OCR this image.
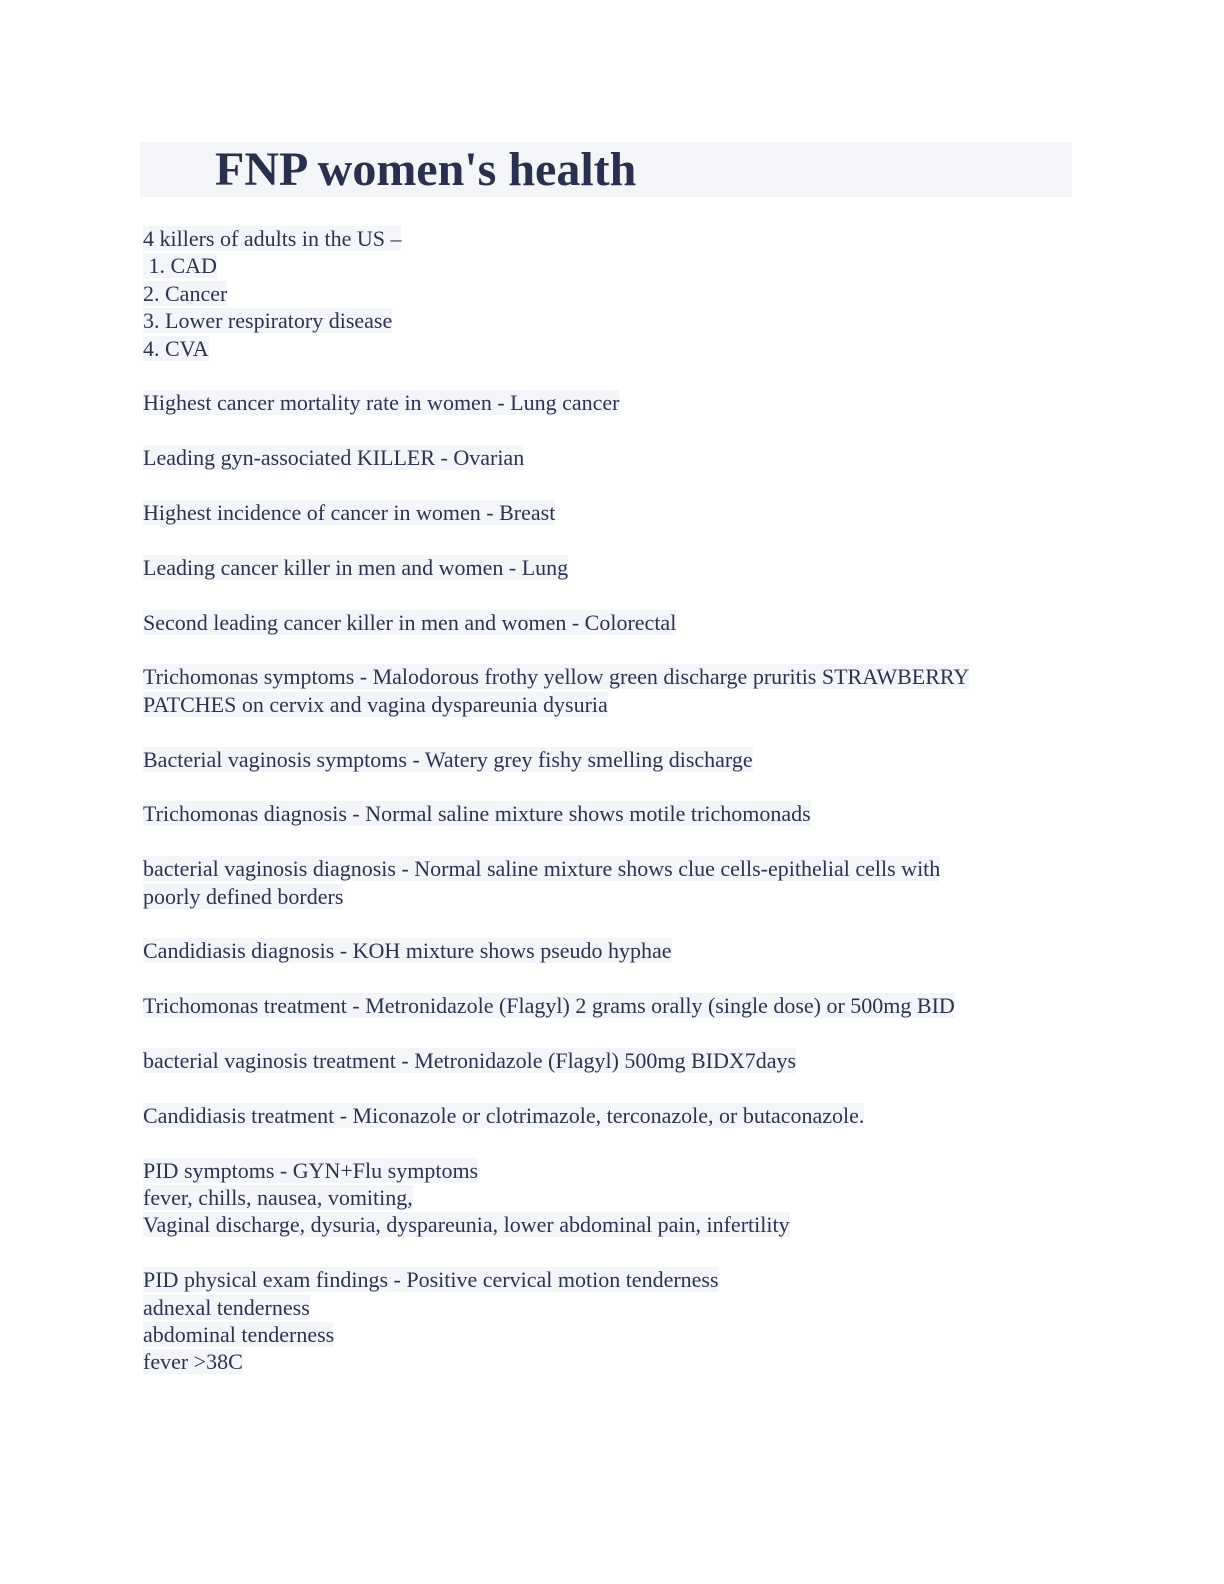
FNP women's health
4 killers of adults in the US –
1. CAD
2. Cancer
3. Lower respiratory disease
4. CVA
Highest cancer mortality rate in women - Lung cancer
Leading gyn-associated KILLER - Ovarian
Highest incidence of cancer in women - Breast
Leading cancer killer in men and women - Lung
Second leading cancer killer in men and women - Colorectal
Trichomonas symptoms - Malodorous frothy yellow green discharge pruritis STRAWBERRY
PATCHES on cervix and vagina dyspareunia dysuria
Bacterial vaginosis symptoms - Watery grey fishy smelling discharge
Trichomonas diagnosis - Normal saline mixture shows motile trichomonads
bacterial vaginosis diagnosis - Normal saline mixture shows clue cells-epithelial cells with
poorly defined borders
Candidiasis diagnosis - KOH mixture shows pseudo hyphae
Trichomonas treatment - Metronidazole (Flagyl) 2 grams orally (single dose) or 500mg BID
bacterial vaginosis treatment - Metronidazole (Flagyl) 500mg BIDX7days
Candidiasis treatment - Miconazole or clotrimazole, terconazole, or butaconazole.
PID symptoms - GYN+Flu symptoms
fever, chills, nausea, vomiting,
Vaginal discharge, dysuria, dyspareunia, lower abdominal pain, infertility
PID physical exam findings - Positive cervical motion tenderness
adnexal tenderness
abdominal tenderness
fever >38C
